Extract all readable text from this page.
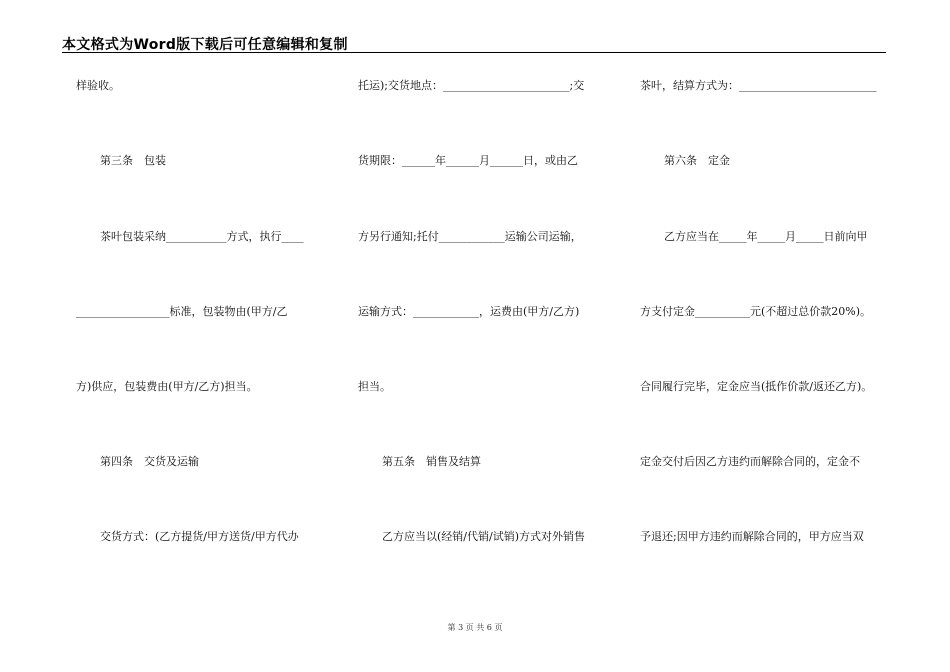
本文格式为Word版下载后可任意编辑和复制
样验收。
第三条　包装
茶叶包装采纳___________方式，执行____
_________________标准，包装物由(甲方/乙
方)供应，包装费由(甲方/乙方)担当。
第四条　交货及运输
交货方式：(乙方提货/甲方送货/甲方代办
托运);交货地点：_______________________;交
货期限：______年______月______日，或由乙
方另行通知;托付____________运输公司运输，
运输方式：____________，运费由(甲方/乙方)
担当。
第五条　销售及结算
乙方应当以(经销/代销/试销)方式对外销售
茶叶，结算方式为：_________________________
第六条　定金
乙方应当在_____年_____月_____日前向甲
方支付定金__________元(不超过总价款20%)。
合同履行完毕，定金应当(抵作价款/返还乙方)。
定金交付后因乙方违约而解除合同的，定金不
予退还;因甲方违约而解除合同的，甲方应当双
第 3 页 共 6 页
